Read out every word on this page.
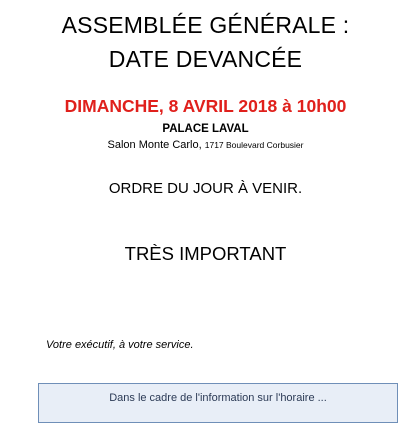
ASSEMBLÉE GÉNÉRALE :
DATE DEVANCÉE
DIMANCHE, 8 AVRIL 2018 à 10h00
PALACE LAVAL
Salon Monte Carlo, 1717 Boulevard Corbusier
ORDRE DU JOUR À VENIR.
TRÈS IMPORTANT
Votre exécutif, à votre service.
Dans le cadre de l'information sur l'horaire ...
